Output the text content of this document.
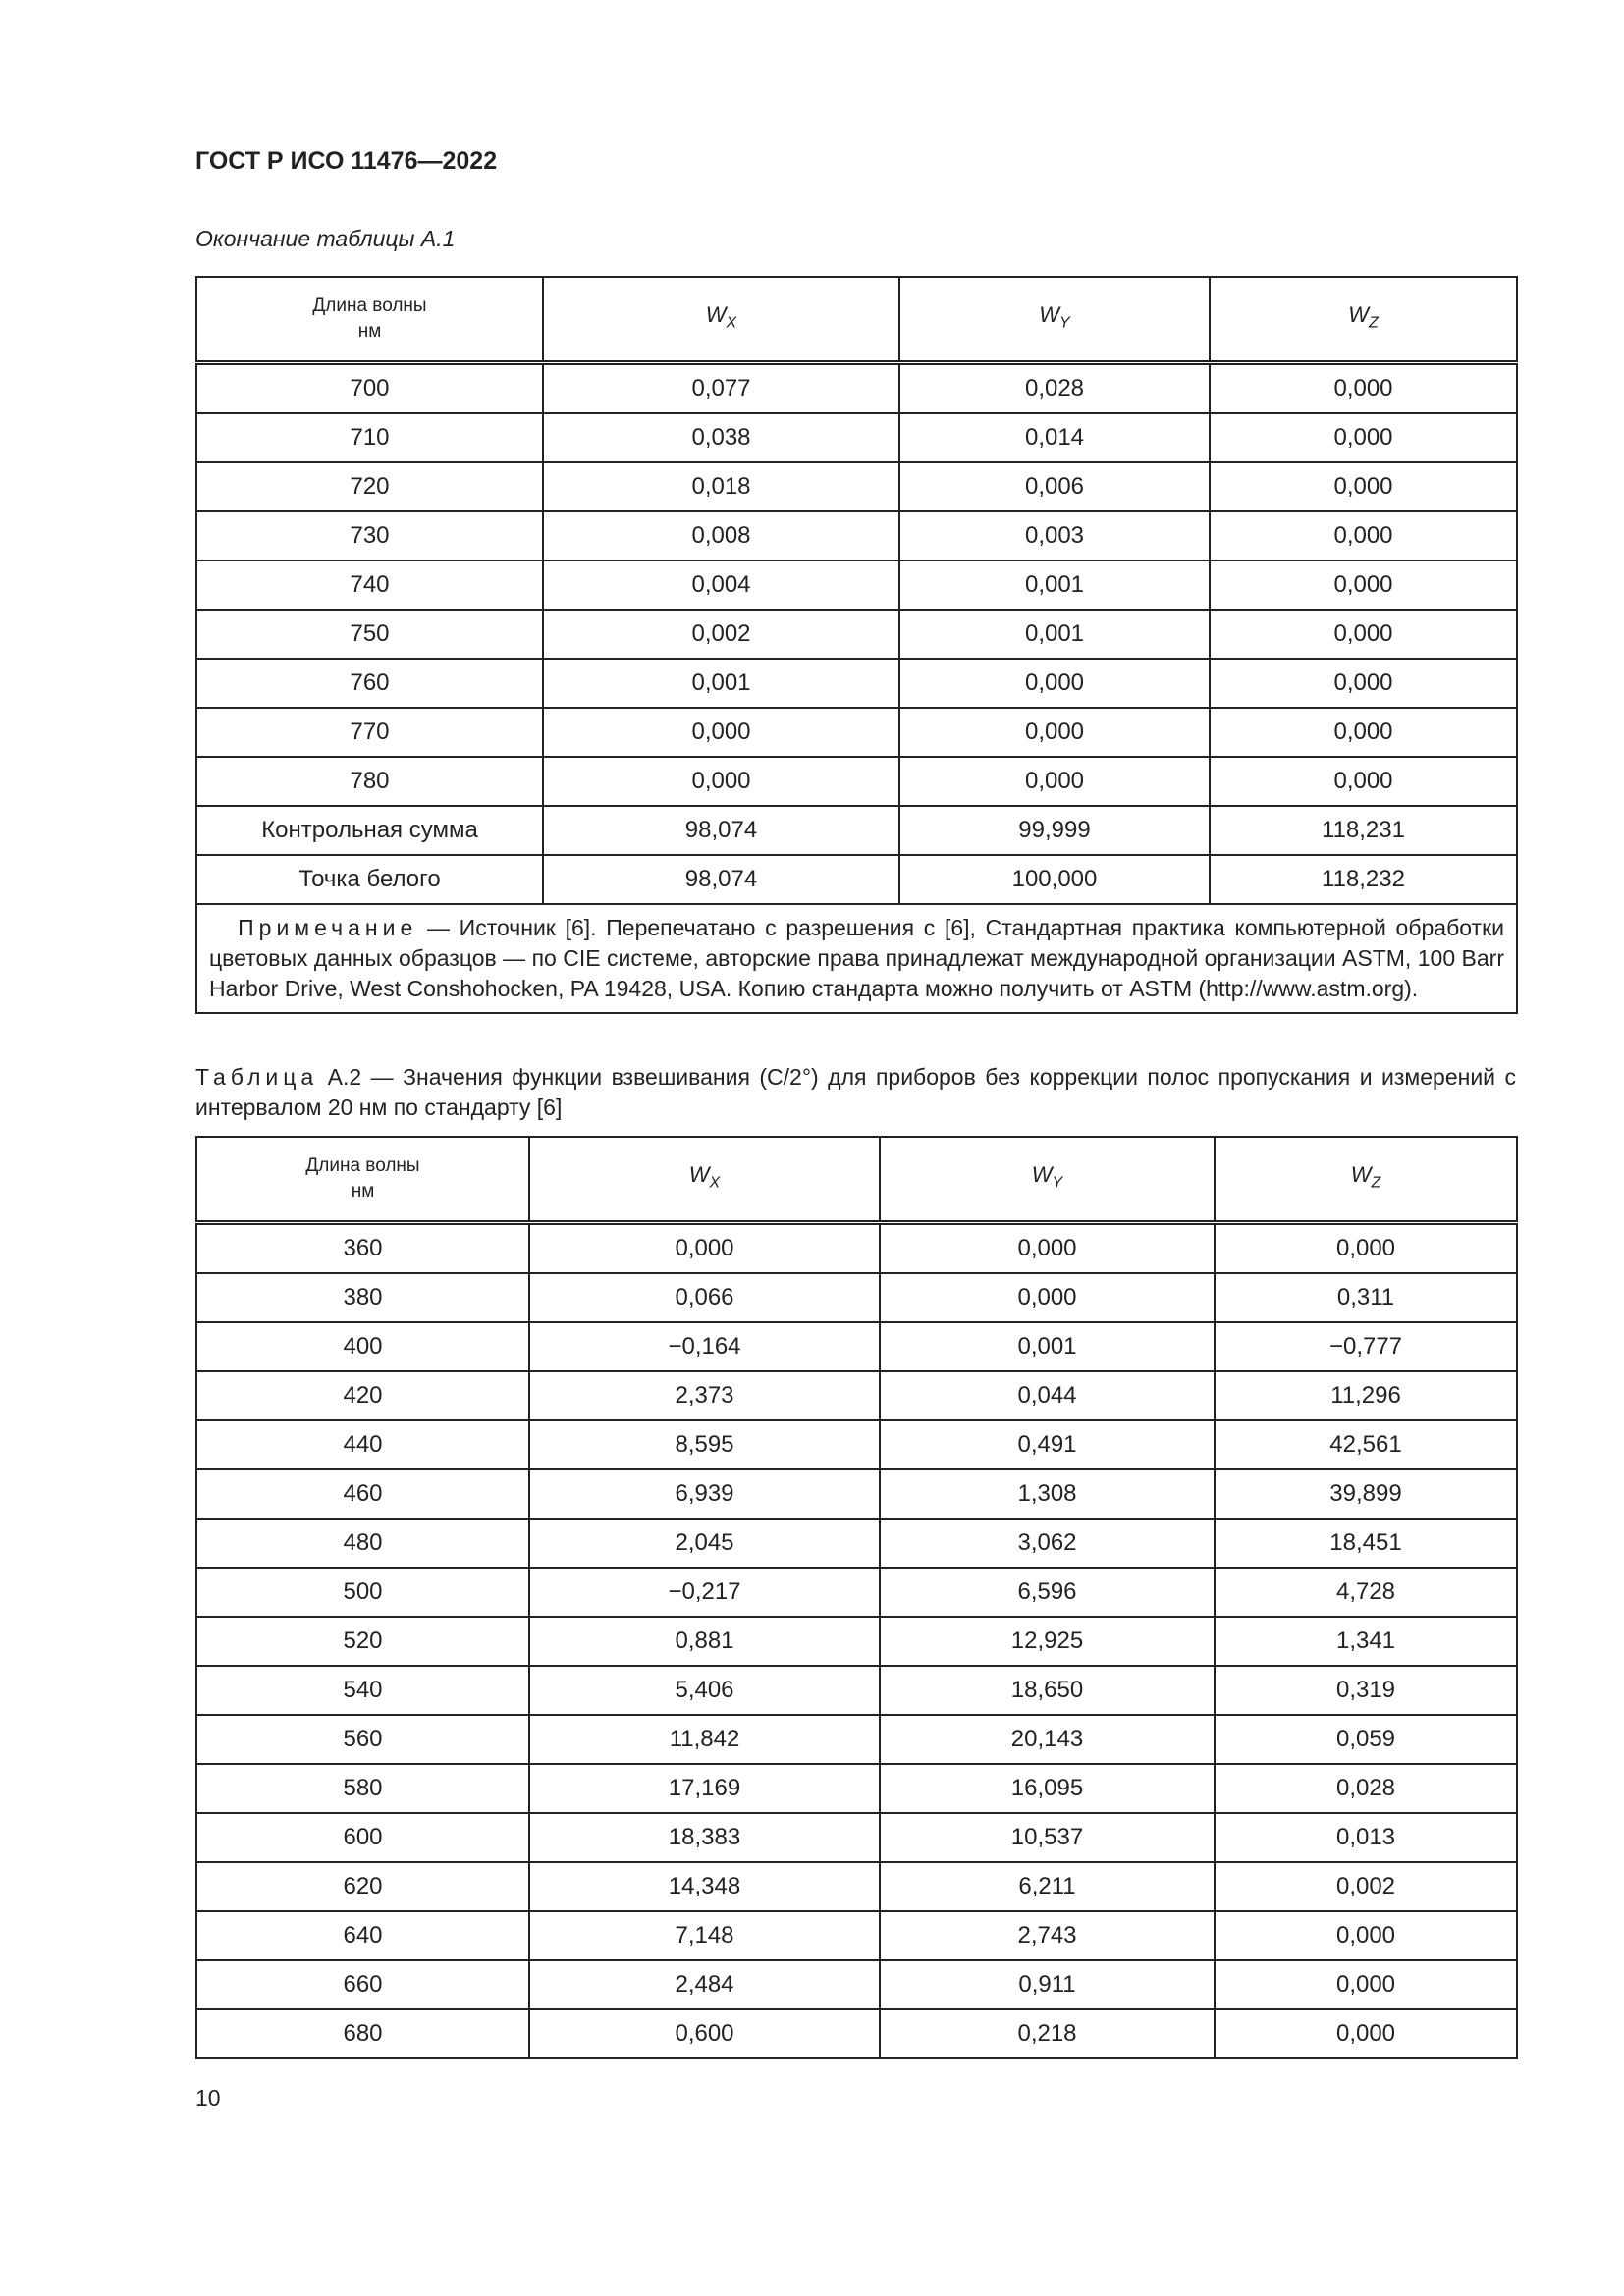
ГОСТ Р ИСО 11476—2022
Окончание таблицы А.1
Длина волны
нм	$W_X$	$W_Y$	$W_Z$
700	0,077	0,028	0,000
710	0,038	0,014	0,000
720	0,018	0,006	0,000
730	0,008	0,003	0,000
740	0,004	0,001	0,000
750	0,002	0,001	0,000
760	0,001	0,000	0,000
770	0,000	0,000	0,000
780	0,000	0,000	0,000
Контрольная сумма	98,074	99,999	118,231
Точка белого	98,074	100,000	118,232
Примечание — Источник [6]. Перепечатано с разрешения с [6], Стандартная практика компьютерной обработки цветовых данных образцов — по CIE системе, авторские права принадлежат международной организации ASTM, 100 Barr Harbor Drive, West Conshohocken, PA 19428, USA. Копию стандарта можно получить от ASTM (http://www.astm.org).			
Таблица А.2 — Значения функции взвешивания (С/2°) для приборов без коррекции полос пропускания и измерений с интервалом 20 нм по стандарту [6]
Длина волны
нм	$W_X$	$W_Y$	$W_Z$
360	0,000	0,000	0,000
380	0,066	0,000	0,311
400	−0,164	0,001	−0,777
420	2,373	0,044	11,296
440	8,595	0,491	42,561
460	6,939	1,308	39,899
480	2,045	3,062	18,451
500	−0,217	6,596	4,728
520	0,881	12,925	1,341
540	5,406	18,650	0,319
560	11,842	20,143	0,059
580	17,169	16,095	0,028
600	18,383	10,537	0,013
620	14,348	6,211	0,002
640	7,148	2,743	0,000
660	2,484	0,911	0,000
680	0,600	0,218	0,000
10
